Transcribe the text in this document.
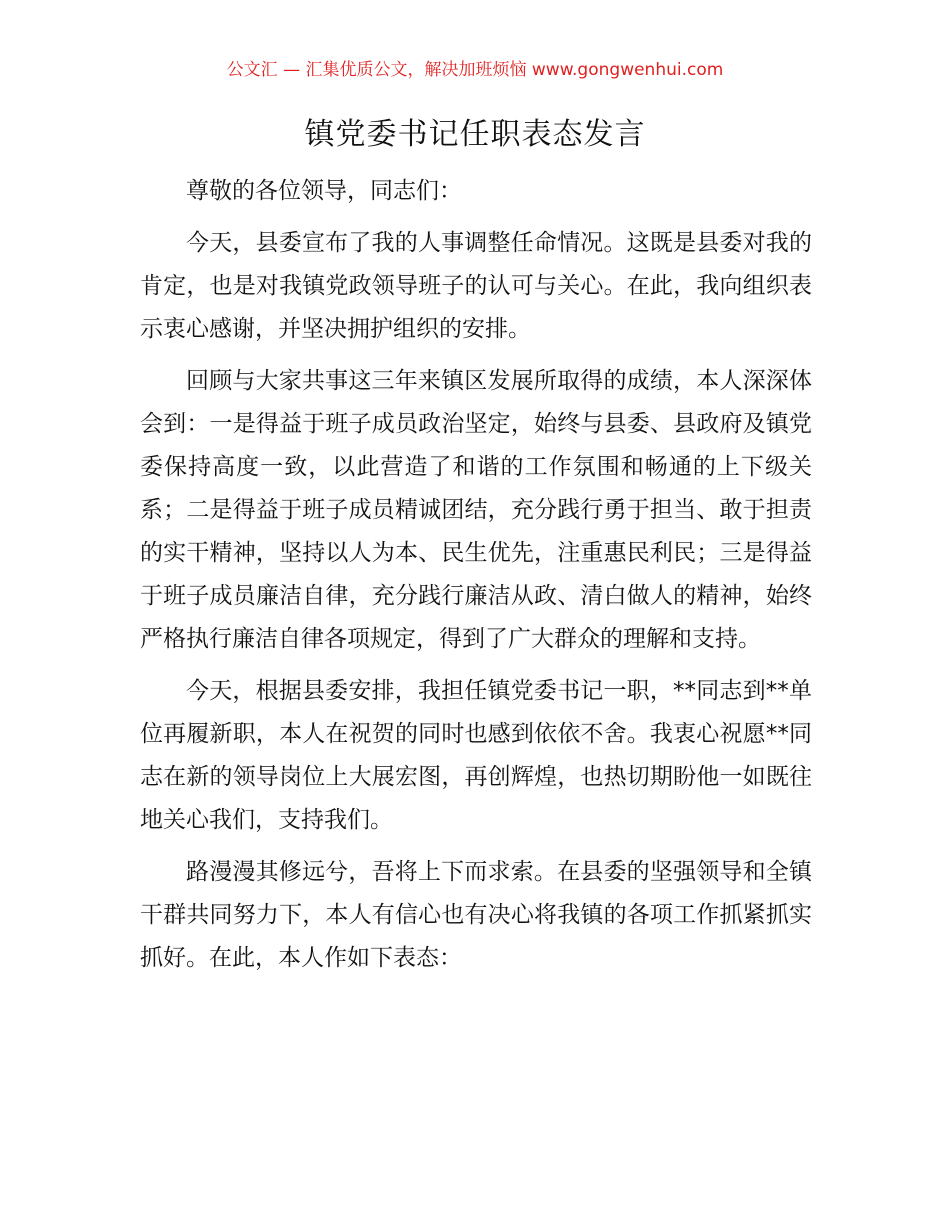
公文汇 — 汇集优质公文，解决加班烦恼 www.gongwenhui.com
镇党委书记任职表态发言

尊敬的各位领导，同志们：

今天，县委宣布了我的人事调整任命情况。这既是县委对我的肯定，也是对我镇党政领导班子的认可与关心。在此，我向组织表示衷心感谢，并坚决拥护组织的安排。

回顾与大家共事这三年来镇区发展所取得的成绩，本人深深体会到：一是得益于班子成员政治坚定，始终与县委、县政府及镇党委保持高度一致，以此营造了和谐的工作氛围和畅通的上下级关系；二是得益于班子成员精诚团结，充分践行勇于担当、敢于担责的实干精神，坚持以人为本、民生优先，注重惠民利民；三是得益于班子成员廉洁自律，充分践行廉洁从政、清白做人的精神，始终严格执行廉洁自律各项规定，得到了广大群众的理解和支持。

今天，根据县委安排，我担任镇党委书记一职，**同志到**单位再履新职，本人在祝贺的同时也感到依依不舍。我衷心祝愿**同志在新的领导岗位上大展宏图，再创辉煌，也热切期盼他一如既往地关心我们，支持我们。

路漫漫其修远兮，吾将上下而求索。在县委的坚强领导和全镇干群共同努力下，本人有信心也有决心将我镇的各项工作抓紧抓实抓好。在此，本人作如下表态：
